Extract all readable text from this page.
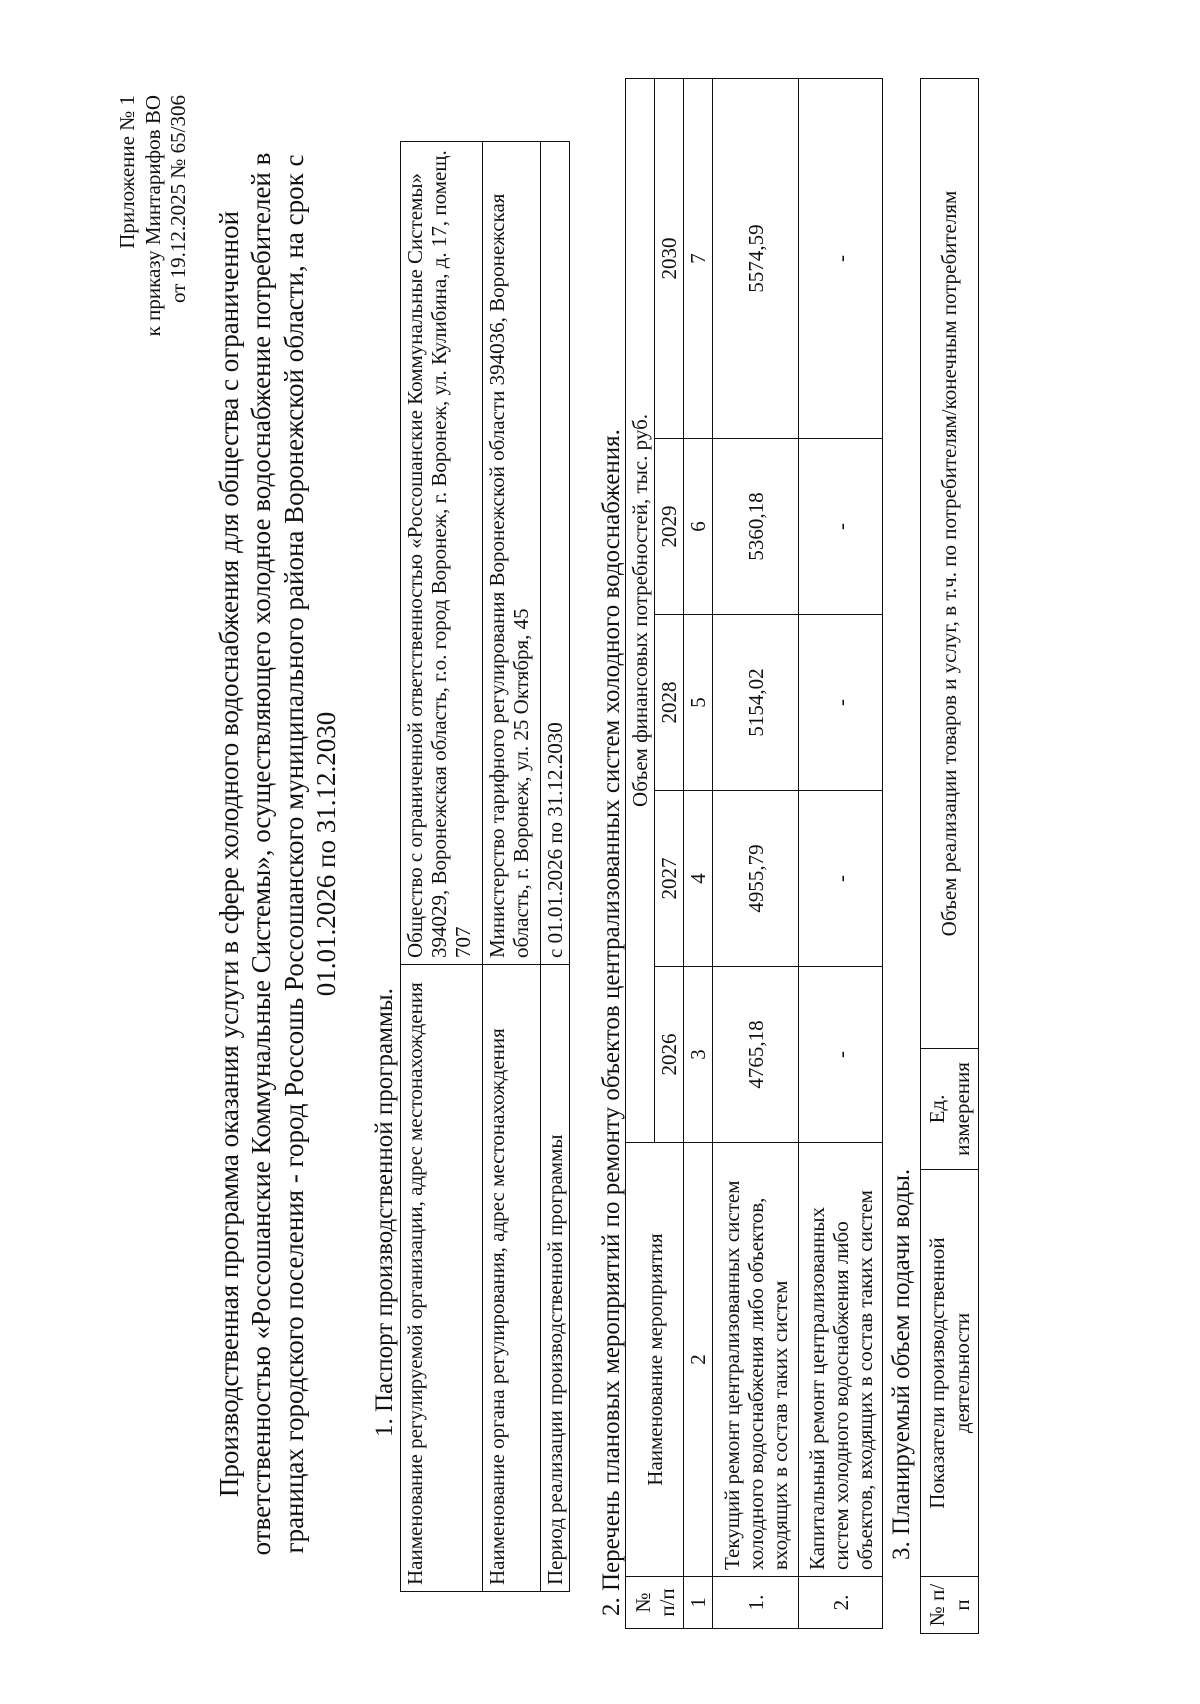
Приложение № 1 к приказу Минтарифов ВО от 19.12.2025 № 65/306
Производственная программа оказания услуги в сфере холодного водоснабжения для общества с ограниченной ответственностью «Россошанские Коммунальные Системы», осуществляющего холодное водоснабжение потребителей в границах городского поселения - город Россошь Россошанского муниципального района Воронежской области, на срок с 01.01.2026 по 31.12.2030
1. Паспорт производственной программы. Наименование регулируемой организации, адрес местонахождения	Общество с ограниченной ответственностью «Россошанские Коммунальные Системы» 394029, Воронежская область, г.о. город Воронеж, г. Воронеж, ул. Кулибина, д. 17, помещ. 707
Наименование органа регулирования, адрес местонахождения	Министерство тарифного регулирования Воронежской области 394036, Воронежская область, г. Воронеж, ул. 25 Октября, 45
Период реализации производственной программы	с 01.01.2026 по 31.12.2030 2. Перечень плановых мероприятий по ремонту объектов централизованных систем холодного водоснабжения. № п/п	Наименование мероприятия	Объем финансовых потребностей, тыс. руб.				
		2026	2027	2028	2029	2030
1	2	3	4	5	6	7
1.	Текущий ремонт централизованных систем холодного водоснабжения либо объектов, входящих в состав таких систем	4765,18	4955,79	5154,02	5360,18	5574,59
2.	Капитальный ремонт централизованных систем холодного водоснабжения либо объектов, входящих в состав таких систем	-	-	-	-	-
3. Планируемый объем подачи воды.
№ п/п	Показатели производственной деятельности	Ед. измерения	Объем реализации товаров и услуг, в т.ч. по потребителям/конечным потребителям
